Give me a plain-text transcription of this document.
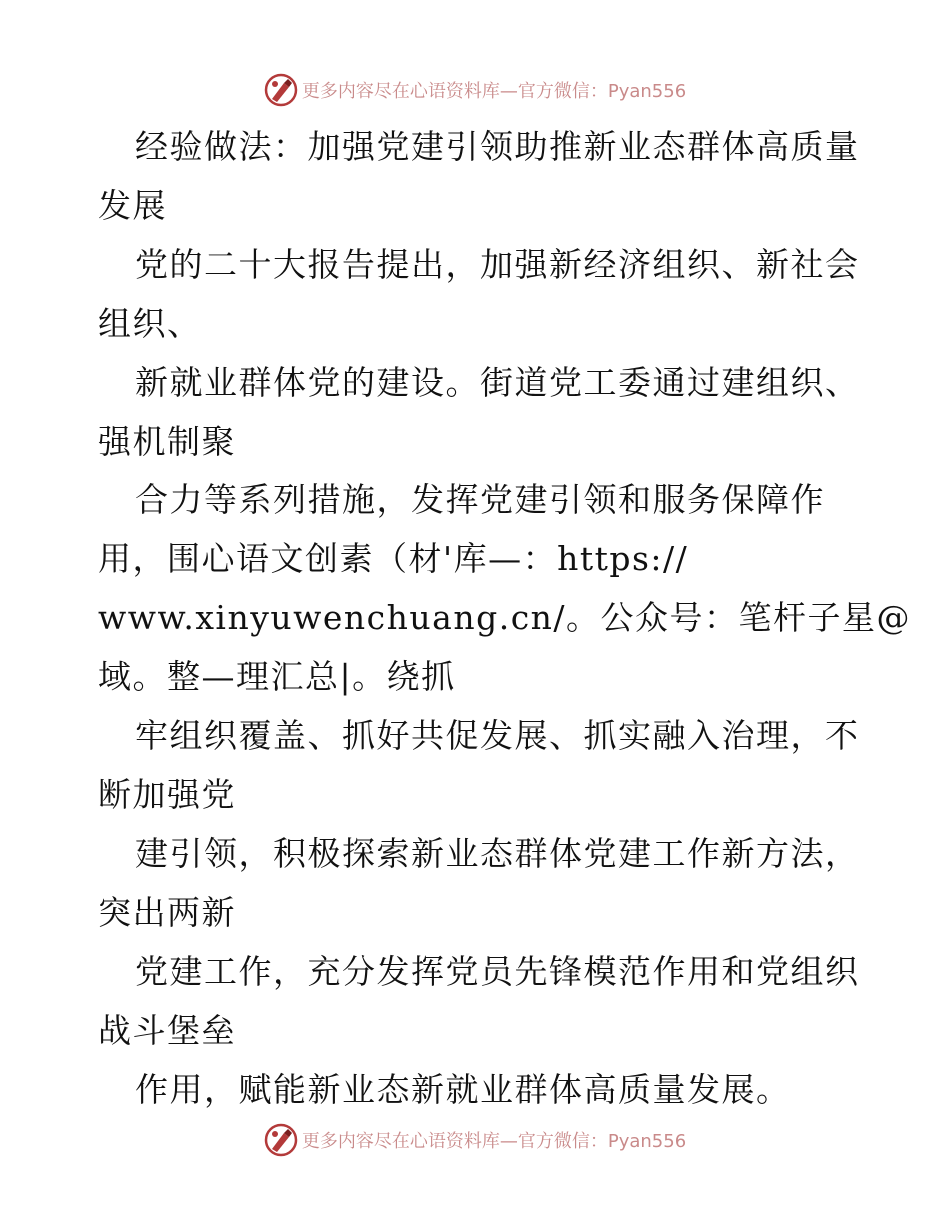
更多内容尽在心语资料库—官方微信：Pyan556
经验做法：加强党建引领助推新业态群体高质量
发展
党的二十大报告提出，加强新经济组织、新社会
组织、
新就业群体党的建设。街道党工委通过建组织、
强机制聚
合力等系列措施，发挥党建引领和服务保障作
用，围心语文创素（材'库—：https://
www.xinyuwenchuang.cn/。公众号：笔杆子星@
域。整—理汇总|。绕抓
牢组织覆盖、抓好共促发展、抓实融入治理，不
断加强党
建引领，积极探索新业态群体党建工作新方法，
突出两新
党建工作，充分发挥党员先锋模范作用和党组织
战斗堡垒
作用，赋能新业态新就业群体高质量发展。
更多内容尽在心语资料库—官方微信：Pyan556
